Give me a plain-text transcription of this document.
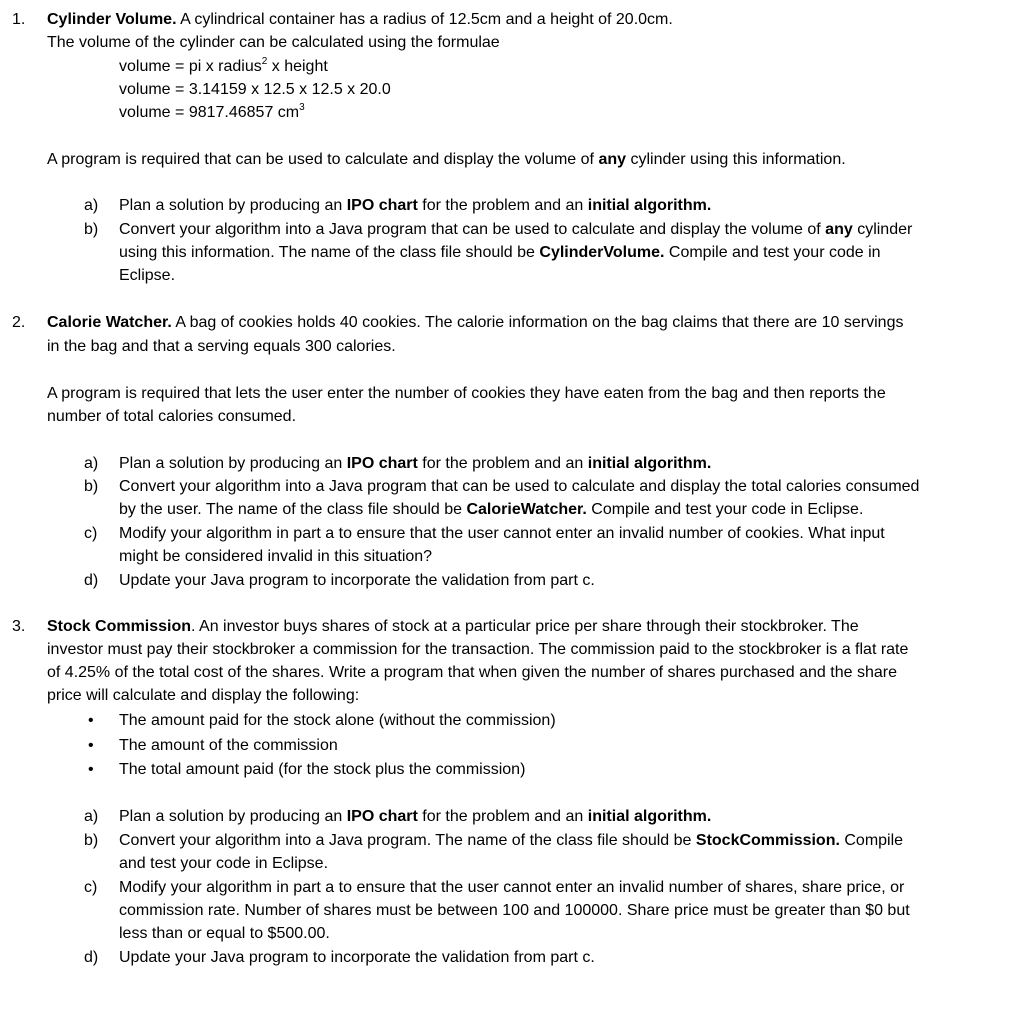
1. Cylinder Volume. A cylindrical container has a radius of 12.5cm and a height of 20.0cm.
The volume of the cylinder can be calculated using the formulae
volume = pi x radius$^2$ x height
volume = 3.14159 x 12.5 x 12.5 x 20.0
volume = 9817.46857 $cm^3$
A program is required that can be used to calculate and display the volume of any cylinder using this information.
a) Plan a solution by producing an IPO chart for the problem and an initial algorithm.
b) Convert your algorithm into a Java program that can be used to calculate and display the volume of any cylinder
using this information. The name of the class file should be CylinderVolume. Compile and test your code in
Eclipse.
2. Calorie Watcher. A bag of cookies holds 40 cookies. The calorie information on the bag claims that there are 10 servings
in the bag and that a serving equals 300 calories.
A program is required that lets the user enter the number of cookies they have eaten from the bag and then reports the
number of total calories consumed.
a) Plan a solution by producing an IPO chart for the problem and an initial algorithm.
b) Convert your algorithm into a Java program that can be used to calculate and display the total calories consumed
by the user. The name of the class file should be CalorieWatcher. Compile and test your code in Eclipse.
c) Modify your algorithm in part a to ensure that the user cannot enter an invalid number of cookies. What input
might be considered invalid in this situation?
d) Update your Java program to incorporate the validation from part c.
3. Stock Commission. An investor buys shares of stock at a particular price per share through their stockbroker. The
investor must pay their stockbroker a commission for the transaction. The commission paid to the stockbroker is a flat rate
of 4.25% of the total cost of the shares. Write a program that when given the number of shares purchased and the share
price will calculate and display the following:
• The amount paid for the stock alone (without the commission)
• The amount of the commission
• The total amount paid (for the stock plus the commission)
a) Plan a solution by producing an IPO chart for the problem and an initial algorithm.
b) Convert your algorithm into a Java program. The name of the class file should be StockCommission. Compile
and test your code in Eclipse.
c) Modify your algorithm in part a to ensure that the user cannot enter an invalid number of shares, share price, or
commission rate. Number of shares must be between 100 and 100000. Share price must be greater than $0 but
less than or equal to $500.00.
d) Update your Java program to incorporate the validation from part c.
